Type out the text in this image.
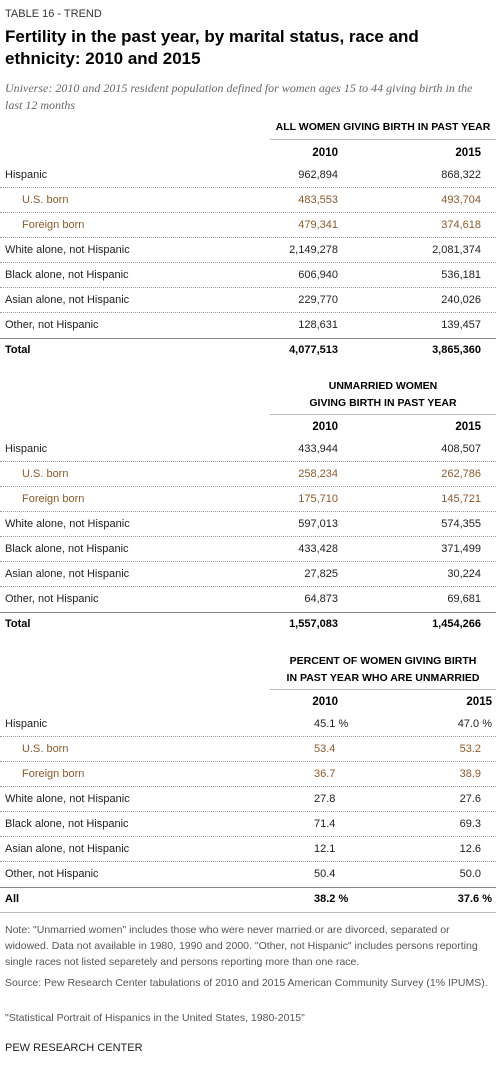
TABLE 16 - TREND
Fertility in the past year, by marital status, race and ethnicity: 2010 and 2015
Universe: 2010 and 2015 resident population defined for women ages 15 to 44 giving birth in the last 12 months
ALL WOMEN GIVING BIRTH IN PAST YEAR
2010	2015
Hispanic	962,894	868,322
U.S. born	483,553	493,704
Foreign born	479,341	374,618
White alone, not Hispanic	2,149,278	2,081,374
Black alone, not Hispanic	606,940	536,181
Asian alone, not Hispanic	229,770	240,026
Other, not Hispanic	128,631	139,457
Total	4,077,513	3,865,360
UNMARRIED WOMEN
GIVING BIRTH IN PAST YEAR
2010	2015
Hispanic	433,944	408,507
U.S. born	258,234	262,786
Foreign born	175,710	145,721
White alone, not Hispanic	597,013	574,355
Black alone, not Hispanic	433,428	371,499
Asian alone, not Hispanic	27,825	30,224
Other, not Hispanic	64,873	69,681
Total	1,557,083	1,454,266
PERCENT OF WOMEN GIVING BIRTH
IN PAST YEAR WHO ARE UNMARRIED
2010	2015
Hispanic	45.1 %	47.0 %
U.S. born	53.4	53.2
Foreign born	36.7	38.9
White alone, not Hispanic	27.8	27.6
Black alone, not Hispanic	71.4	69.3
Asian alone, not Hispanic	12.1	12.6
Other, not Hispanic	50.4	50.0
All	38.2 %	37.6 %
Note: "Unmarried women" includes those who were never married or are divorced, separated or widowed. Data not available in 1980, 1990 and 2000. "Other, not Hispanic" includes persons reporting single races not listed separetely and persons reporting more than one race.
Source: Pew Research Center tabulations of 2010 and 2015 American Community Survey (1% IPUMS).
"Statistical Portrait of Hispanics in the United States, 1980-2015"
PEW RESEARCH CENTER
